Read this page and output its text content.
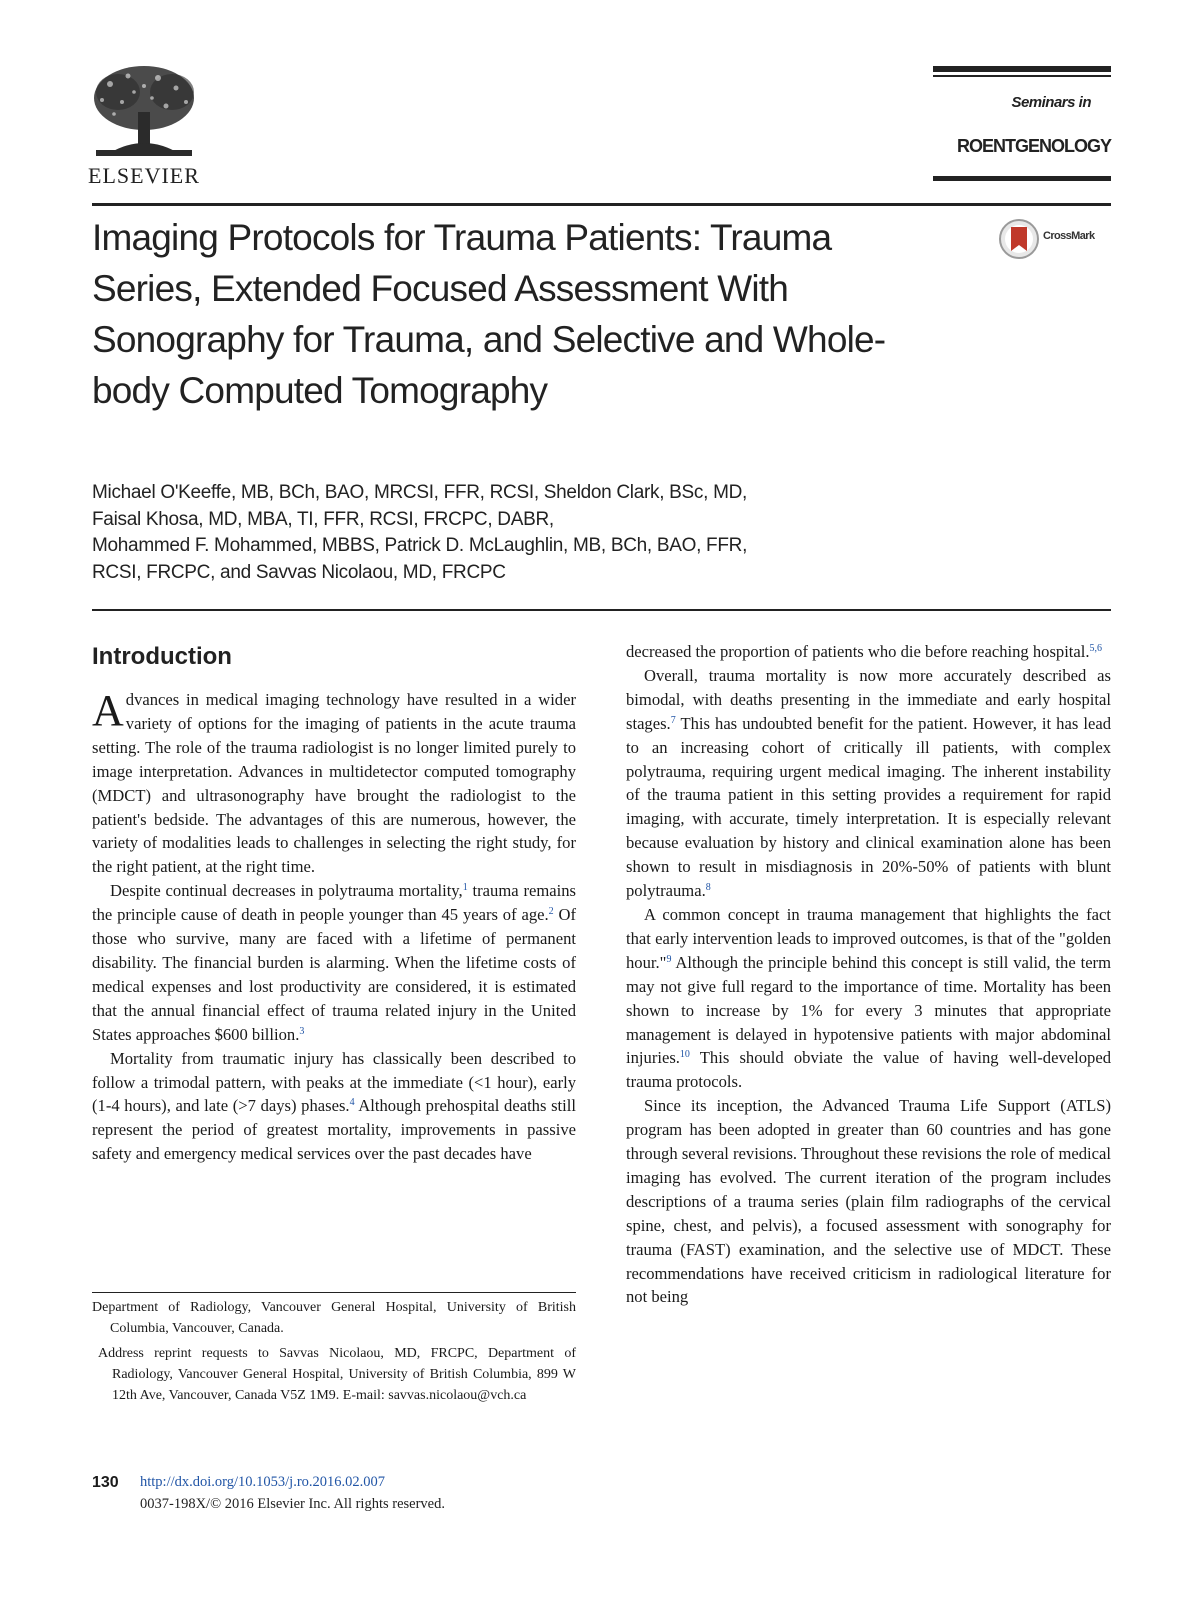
ELSEVIER
Seminars in
ROENTGENOLOGY
Imaging Protocols for Trauma Patients: Trauma Series, Extended Focused Assessment With Sonography for Trauma, and Selective and Whole-body Computed Tomography
CrossMark
Michael O'Keeffe, MB, BCh, BAO, MRCSI, FFR, RCSI, Sheldon Clark, BSc, MD,
Faisal Khosa, MD, MBA, TI, FFR, RCSI, FRCPC, DABR,
Mohammed F. Mohammed, MBBS, Patrick D. McLaughlin, MB, BCh, BAO, FFR,
RCSI, FRCPC, and Savvas Nicolaou, MD, FRCPC
Introduction

Advances in medical imaging technology have resulted in a wider variety of options for the imaging of patients in the acute trauma setting. The role of the trauma radiologist is no longer limited purely to image interpretation. Advances in multidetector computed tomography (MDCT) and ultrasonography have brought the radiologist to the patient's bedside. The advantages of this are numerous, however, the variety of modalities leads to challenges in selecting the right study, for the right patient, at the right time.

Despite continual decreases in polytrauma mortality,$^1$ trauma remains the principle cause of death in people younger than 45 years of age.$^2$ Of those who survive, many are faced with a lifetime of permanent disability. The financial burden is alarming. When the lifetime costs of medical expenses and lost productivity are considered, it is estimated that the annual financial effect of trauma related injury in the United States approaches $600 billion.$^3$

Mortality from traumatic injury has classically been described to follow a trimodal pattern, with peaks at the immediate (<1 hour), early (1-4 hours), and late (>7 days) phases.$^4$ Although prehospital deaths still represent the period of greatest mortality, improvements in passive safety and emergency medical services over the past decades have

decreased the proportion of patients who die before reaching hospital.$^{5,6}$

Overall, trauma mortality is now more accurately described as bimodal, with deaths presenting in the immediate and early hospital stages.$^7$ This has undoubted benefit for the patient. However, it has lead to an increasing cohort of critically ill patients, with complex polytrauma, requiring urgent medical imaging. The inherent instability of the trauma patient in this setting provides a requirement for rapid imaging, with accurate, timely interpretation. It is especially relevant because evaluation by history and clinical examination alone has been shown to result in misdiagnosis in 20%-50% of patients with blunt polytrauma.$^8$

A common concept in trauma management that highlights the fact that early intervention leads to improved outcomes, is that of the "golden hour."$^9$ Although the principle behind this concept is still valid, the term may not give full regard to the importance of time. Mortality has been shown to increase by 1% for every 3 minutes that appropriate management is delayed in hypotensive patients with major abdominal injuries.$^{10}$ This should obviate the value of having well-developed trauma protocols.

Since its inception, the Advanced Trauma Life Support (ATLS) program has been adopted in greater than 60 countries and has gone through several revisions. Throughout these revisions the role of medical imaging has evolved. The current iteration of the program includes descriptions of a trauma series (plain film radiographs of the cervical spine, chest, and pelvis), a focused assessment with sonography for trauma (FAST) examination, and the selective use of MDCT. These recommendations have received criticism in radiological literature for not being

Department of Radiology, Vancouver General Hospital, University of British Columbia, Vancouver, Canada.

Address reprint requests to Savvas Nicolaou, MD, FRCPC, Department of Radiology, Vancouver General Hospital, University of British Columbia, 899 W 12th Ave, Vancouver, Canada V5Z 1M9. E-mail: savvas.nicolaou@vch.ca

130 http://dx.doi.org/10.1053/j.ro.2016.02.007
0037-198X/© 2016 Elsevier Inc. All rights reserved.
